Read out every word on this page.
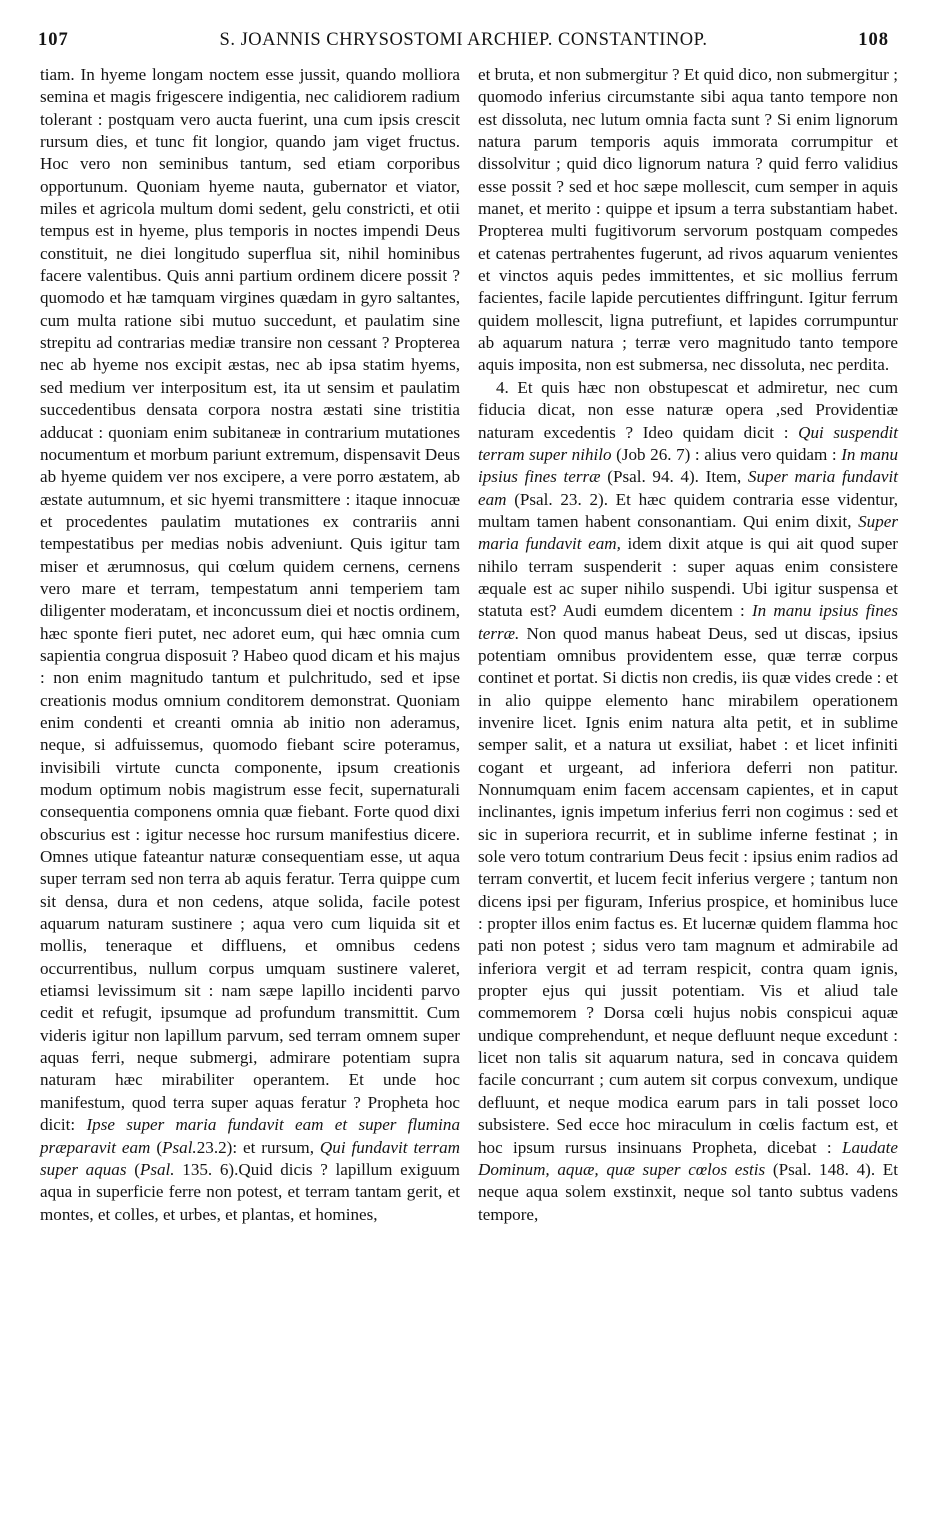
107	S. JOANNIS CHRYSOSTOMI ARCHIEP. CONSTANTINOP.	108

tiam. In hyeme longam noctem esse jussit, quando molliora semina et magis frigescere indigentia, nec calidiorem radium tolerant : postquam vero aucta fuerint, una cum ipsis crescit rursum dies, et tunc fit longior, quando jam viget fructus. Hoc vero non seminibus tantum, sed etiam corporibus opportunum. Quoniam hyeme nauta, gubernator et viator, miles et agricola multum domi sedent, gelu constricti, et otii tempus est in hyeme, plus temporis in noctes impendi Deus constituit, ne diei longitudo superflua sit, nihil hominibus facere valentibus. Quis anni partium ordinem dicere possit ? quomodo et hæ tamquam virgines quædam in gyro saltantes, cum multa ratione sibi mutuo succedunt, et paulatim sine strepitu ad contrarias mediæ transire non cessant ? Propterea nec ab hyeme nos excipit æstas, nec ab ipsa statim hyems, sed medium ver interpositum est, ita ut sensim et paulatim succedentibus densata corpora nostra æstati sine tristitia adducat : quoniam enim subitaneæ in contrarium mutationes nocumentum et morbum pariunt extremum, dispensavit Deus ab hyeme quidem ver nos excipere, a vere porro æstatem, ab æstate autumnum, et sic hyemi transmittere : itaque innocuæ et procedentes paulatim mutationes ex contrariis anni tempestatibus per medias nobis adveniunt. Quis igitur tam miser et ærumnosus, qui cœlum quidem cernens, cernens vero mare et terram, tempestatum anni temperiem tam diligenter moderatam, et inconcussum diei et noctis ordinem, hæc sponte fieri putet, nec adoret eum, qui hæc omnia cum sapientia congrua disposuit ? Habeo quod dicam et his majus : non enim magnitudo tantum et pulchritudo, sed et ipse creationis modus omnium conditorem demonstrat. Quoniam enim condenti et creanti omnia ab initio non aderamus, neque, si adfuissemus, quomodo fiebant scire poteramus, invisibili virtute cuncta componente, ipsum creationis modum optimum nobis magistrum esse fecit, supernaturali consequentia componens omnia quæ fiebant. Forte quod dixi obscurius est : igitur necesse hoc rursum manifestius dicere. Omnes utique fateantur naturæ consequentiam esse, ut aqua super terram sed non terra ab aquis feratur. Terra quippe cum sit densa, dura et non cedens, atque solida, facile potest aquarum naturam sustinere ; aqua vero cum liquida sit et mollis, teneraque et diffluens, et omnibus cedens occurrentibus, nullum corpus umquam sustinere valeret, etiamsi levissimum sit : nam sæpe lapillo incidenti parvo cedit et refugit, ipsumque ad profundum transmittit. Cum videris igitur non lapillum parvum, sed terram omnem super aquas ferri, neque submergi, admirare potentiam supra naturam hæc mirabiliter operantem. Et unde hoc manifestum, quod terra super aquas feratur ? Propheta hoc dicit: Ipse super maria fundavit eam et super flumina præparavit eam (Psal.23.2): et rursum, Qui fundavit terram super aquas (Psal. 135. 6).Quid dicis ? lapillum exiguum aqua in superficie ferre non potest, et terram tantam gerit, et montes, et colles, et urbes, et plantas, et homines,

et bruta, et non submergitur ? Et quid dico, non submergitur ; quomodo inferius circumstante sibi aqua tanto tempore non est dissoluta, nec lutum omnia facta sunt ? Si enim lignorum natura parum temporis aquis immorata corrumpitur et dissolvitur ; quid dico lignorum natura ? quid ferro validius esse possit ? sed et hoc sæpe mollescit, cum semper in aquis manet, et merito : quippe et ipsum a terra substantiam habet. Propterea multi fugitivorum servorum postquam compedes et catenas pertrahentes fugerunt, ad rivos aquarum venientes et vinctos aquis pedes immittentes, et sic mollius ferrum facientes, facile lapide percutientes diffringunt. Igitur ferrum quidem mollescit, ligna putrefiunt, et lapides corrumpuntur ab aquarum natura ; terræ vero magnitudo tanto tempore aquis imposita, non est submersa, nec dissoluta, nec perdita.

4. Et quis hæc non obstupescat et admiretur, nec cum fiducia dicat, non esse naturæ opera ,sed Providentiæ naturam excedentis ? Ideo quidam dicit : Qui suspendit terram super nihilo (Job 26. 7) : alius vero quidam : In manu ipsius fines terræ (Psal. 94. 4). Item, Super maria fundavit eam (Psal. 23. 2). Et hæc quidem contraria esse videntur, multam tamen habent consonantiam. Qui enim dixit, Super maria fundavit eam, idem dixit atque is qui ait quod super nihilo terram suspenderit : super aquas enim consistere æquale est ac super nihilo suspendi. Ubi igitur suspensa et statuta est? Audi eumdem dicentem : In manu ipsius fines terræ. Non quod manus habeat Deus, sed ut discas, ipsius potentiam omnibus providentem esse, quæ terræ corpus continet et portat. Si dictis non credis, iis quæ vides crede : et in alio quippe elemento hanc mirabilem operationem invenire licet. Ignis enim natura alta petit, et in sublime semper salit, et a natura ut exsiliat, habet : et licet infiniti cogant et urgeant, ad inferiora deferri non patitur. Nonnumquam enim facem accensam capientes, et in caput inclinantes, ignis impetum inferius ferri non cogimus : sed et sic in superiora recurrit, et in sublime inferne festinat ; in sole vero totum contrarium Deus fecit : ipsius enim radios ad terram convertit, et lucem fecit inferius vergere ; tantum non dicens ipsi per figuram, Inferius prospice, et hominibus luce : propter illos enim factus es. Et lucernæ quidem flamma hoc pati non potest ; sidus vero tam magnum et admirabile ad inferiora vergit et ad terram respicit, contra quam ignis, propter ejus qui jussit potentiam. Vis et aliud tale commemorem ? Dorsa cœli hujus nobis conspicui aquæ undique comprehendunt, et neque defluunt neque excedunt : licet non talis sit aquarum natura, sed in concava quidem facile concurrant ; cum autem sit corpus convexum, undique defluunt, et neque modica earum pars in tali posset loco subsistere. Sed ecce hoc miraculum in cœlis factum est, et hoc ipsum rursus insinuans Propheta, dicebat : Laudate Dominum, aquæ, quæ super cœlos estis (Psal. 148. 4). Et neque aqua solem exstinxit, neque sol tanto subtus vadens tempore,
